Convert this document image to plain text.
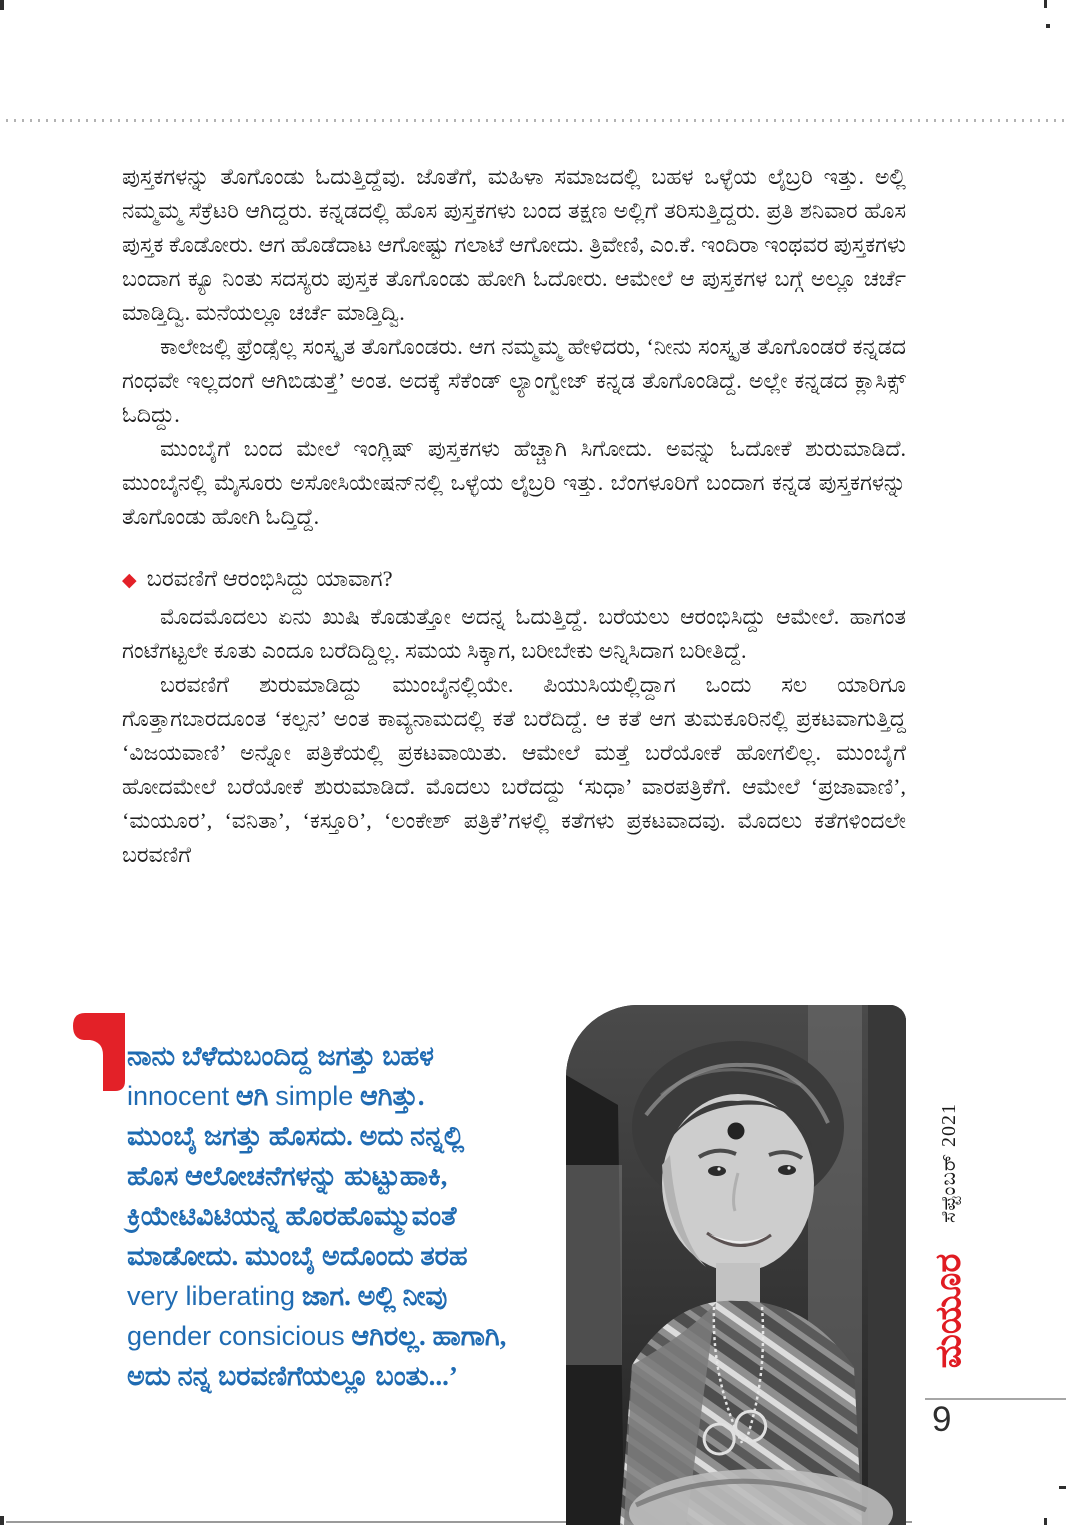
ಪುಸ್ತಕಗಳನ್ನು ತೊಗೊಂಡು ಓದುತ್ತಿದ್ದೆವು. ಜೊತೆಗೆ, ಮಹಿಳಾ ಸಮಾಜದಲ್ಲಿ ಬಹಳ ಒಳ್ಳೆಯ ಲೈಬ್ರರಿ ಇತ್ತು. ಅಲ್ಲಿ ನಮ್ಮಮ್ಮ ಸೆಕ್ರೆಟರಿ ಆಗಿದ್ದರು. ಕನ್ನಡದಲ್ಲಿ ಹೊಸ ಪುಸ್ತಕಗಳು ಬಂದ ತಕ್ಷಣ ಅಲ್ಲಿಗೆ ತರಿಸುತ್ತಿದ್ದರು. ಪ್ರತಿ ಶನಿವಾರ ಹೊಸ ಪುಸ್ತಕ ಕೊಡೋರು. ಆಗ ಹೊಡೆದಾಟ ಆಗೋಷ್ಟು ಗಲಾಟೆ ಆಗೋದು. ತ್ರಿವೇಣಿ, ಎಂ.ಕೆ. ಇಂದಿರಾ ಇಂಥವರ ಪುಸ್ತಕಗಳು ಬಂದಾಗ ಕ್ಯೂ ನಿಂತು ಸದಸ್ಯರು ಪುಸ್ತಕ ತೊಗೊಂಡು ಹೋಗಿ ಓದೋರು. ಆಮೇಲೆ ಆ ಪುಸ್ತಕಗಳ ಬಗ್ಗೆ ಅಲ್ಲೂ ಚರ್ಚೆ ಮಾಡ್ತಿದ್ವಿ. ಮನೆಯಲ್ಲೂ ಚರ್ಚೆ ಮಾಡ್ತಿದ್ವಿ.

ಕಾಲೇಜಲ್ಲಿ ಫ್ರೆಂಡ್ಸೆಲ್ಲ ಸಂಸ್ಕೃತ ತೊಗೊಂಡರು. ಆಗ ನಮ್ಮಮ್ಮ ಹೇಳಿದರು, ‘ನೀನು ಸಂಸ್ಕೃತ ತೊಗೊಂಡರೆ ಕನ್ನಡದ ಗಂಧವೇ ಇಲ್ಲದಂಗೆ ಆಗಿಬಿಡುತ್ತೆ’ ಅಂತ. ಅದಕ್ಕೆ ಸೆಕೆಂಡ್ ಲ್ಯಾಂಗ್ವೇಜ್ ಕನ್ನಡ ತೊಗೊಂಡಿದ್ದೆ. ಅಲ್ಲೇ ಕನ್ನಡದ ಕ್ಲಾಸಿಕ್ಸ್ ಓದಿದ್ದು.

ಮುಂಬೈಗೆ ಬಂದ ಮೇಲೆ ಇಂಗ್ಲಿಷ್ ಪುಸ್ತಕಗಳು ಹೆಚ್ಚಾಗಿ ಸಿಗೋದು. ಅವನ್ನು ಓದೋಕೆ ಶುರುಮಾಡಿದೆ. ಮುಂಬೈನಲ್ಲಿ ಮೈಸೂರು ಅಸೋಸಿಯೇಷನ್‌ನಲ್ಲಿ ಒಳ್ಳೆಯ ಲೈಬ್ರರಿ ಇತ್ತು. ಬೆಂಗಳೂರಿಗೆ ಬಂದಾಗ ಕನ್ನಡ ಪುಸ್ತಕಗಳನ್ನು ತೊಗೊಂಡು ಹೋಗಿ ಓದ್ತಿದ್ದೆ.

◆ ಬರವಣಿಗೆ ಆರಂಭಿಸಿದ್ದು ಯಾವಾಗ?

ಮೊದಮೊದಲು ಏನು ಖುಷಿ ಕೊಡುತ್ತೋ ಅದನ್ನ ಓದುತ್ತಿದ್ದೆ. ಬರೆಯಲು ಆರಂಭಿಸಿದ್ದು ಆಮೇಲೆ. ಹಾಗಂತ ಗಂಟೆಗಟ್ಟಲೇ ಕೂತು ಎಂದೂ ಬರೆದಿದ್ದಿಲ್ಲ. ಸಮಯ ಸಿಕ್ಕಾಗ, ಬರೀಬೇಕು ಅನ್ನಿಸಿದಾಗ ಬರೀತಿದ್ದೆ.

ಬರವಣಿಗೆ ಶುರುಮಾಡಿದ್ದು ಮುಂಬೈನಲ್ಲಿಯೇ. ಪಿಯುಸಿಯಲ್ಲಿದ್ದಾಗ ಒಂದು ಸಲ ಯಾರಿಗೂ ಗೊತ್ತಾಗಬಾರದೂಂತ ‘ಕಲ್ಪನ’ ಅಂತ ಕಾವ್ಯನಾಮದಲ್ಲಿ ಕತೆ ಬರೆದಿದ್ದೆ. ಆ ಕತೆ ಆಗ ತುಮಕೂರಿನಲ್ಲಿ ಪ್ರಕಟವಾಗುತ್ತಿದ್ದ ‘ವಿಜಯವಾಣಿ’ ಅನ್ನೋ ಪತ್ರಿಕೆಯಲ್ಲಿ ಪ್ರಕಟವಾಯಿತು. ಆಮೇಲೆ ಮತ್ತೆ ಬರೆಯೋಕೆ ಹೋಗಲಿಲ್ಲ. ಮುಂಬೈಗೆ ಹೋದಮೇಲೆ ಬರೆಯೋಕೆ ಶುರುಮಾಡಿದೆ. ಮೊದಲು ಬರೆದದ್ದು ‘ಸುಧಾ’ ವಾರಪತ್ರಿಕೆಗೆ. ಆಮೇಲೆ ‘ಪ್ರಜಾವಾಣಿ’, ‘ಮಯೂರ’, ‘ವನಿತಾ’, ‘ಕಸ್ತೂರಿ’, ‘ಲಂಕೇಶ್ ಪತ್ರಿಕೆ’ಗಳಲ್ಲಿ ಕತೆಗಳು ಪ್ರಕಟವಾದವು. ಮೊದಲು ಕತೆಗಳಿಂದಲೇ ಬರವಣಿಗೆ

ನಾನು ಬೆಳೆದುಬಂದಿದ್ದ ಜಗತ್ತು ಬಹಳ
innocent ಆಗಿ simple ಆಗಿತ್ತು.
ಮುಂಬೈ ಜಗತ್ತು ಹೊಸದು. ಅದು ನನ್ನಲ್ಲಿ
ಹೊಸ ಆಲೋಚನೆಗಳನ್ನು ಹುಟ್ಟುಹಾಕಿ,
ಕ್ರಿಯೇಟಿವಿಟಿಯನ್ನ ಹೊರಹೊಮ್ಮುವಂತೆ
ಮಾಡೋದು. ಮುಂಬೈ ಅದೊಂದು ತರಹ
very liberating ಜಾಗ. ಅಲ್ಲಿ ನೀವು
gender consicious ಆಗಿರಲ್ಲ. ಹಾಗಾಗಿ,
ಅದು ನನ್ನ ಬರವಣಿಗೆಯಲ್ಲೂ ಬಂತು...’
ಸೆಪ್ಟೆಂಬರ್ 2021
ಮಯೂರ
9
